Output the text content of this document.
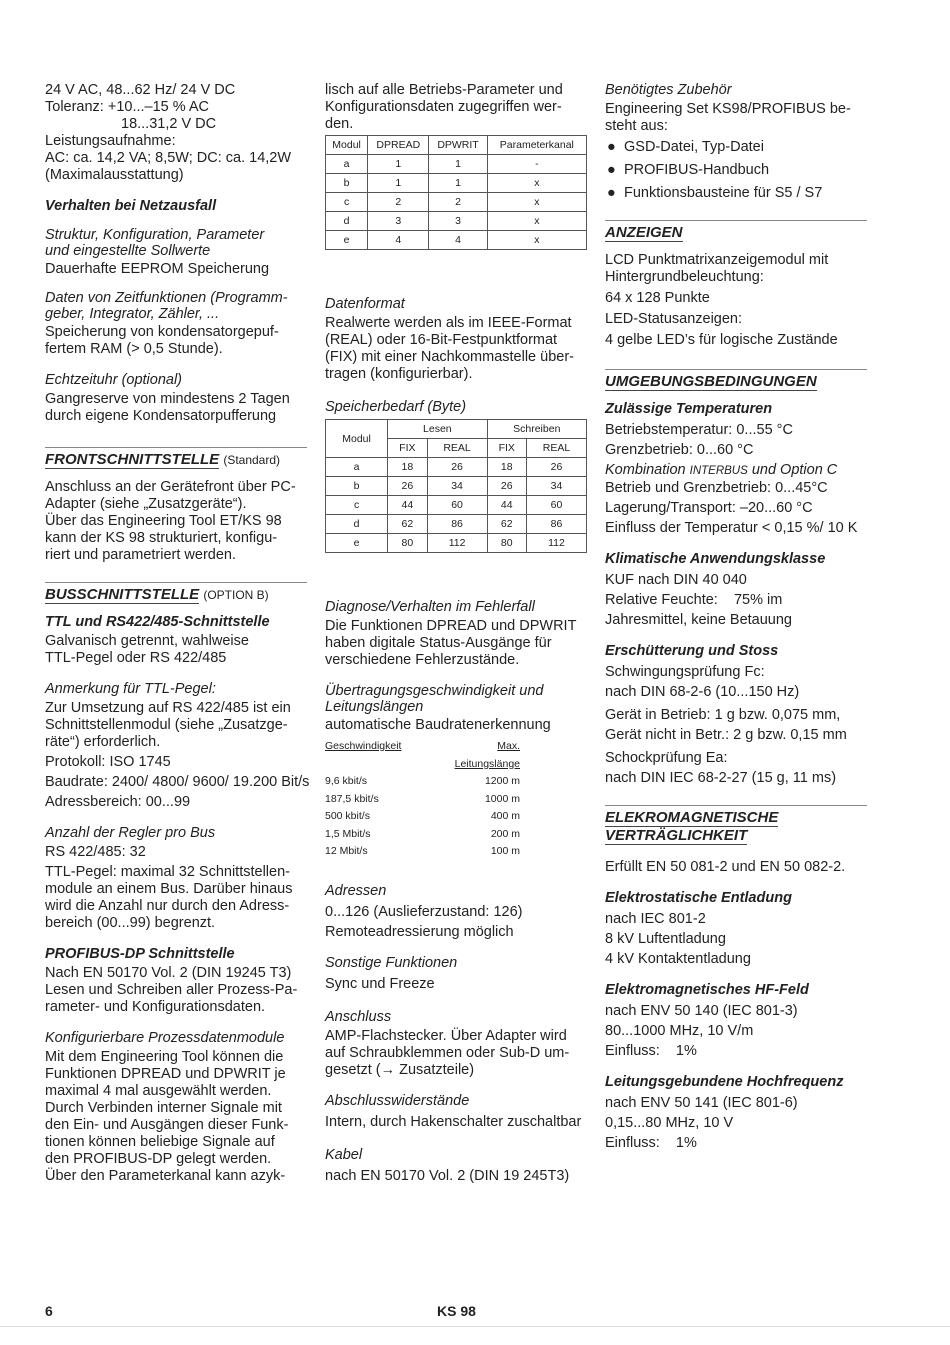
24 V AC, 48...62 Hz/ 24 V DC

Toleranz: +10...–15 % AC

18...31,2 V DC

Leistungsaufnahme:

AC: ca. 14,2 VA; 8,5W; DC: ca. 14,2W

(Maximalausstattung)

Verhalten bei Netzausfall

Struktur, Konfiguration, Parameter
und eingestellte Sollwerte

Dauerhafte EEPROM Speicherung

Daten von Zeitfunktionen (Programm-
geber, Integrator, Zähler, ...

Speicherung von kondensatorgepuf-

fertem RAM (> 0,5 Stunde).

Echtzeituhr (optional)

Gangreserve von mindestens 2 Tagen

durch eigene Kondensatorpufferung

FRONTSCHNITTSTELLE (Standard)

Anschluss an der Gerätefront über PC-

Adapter (siehe „Zusatzgeräte“).

Über das Engineering Tool ET/KS 98

kann der KS 98 strukturiert, konfigu-

riert und parametriert werden.

BUSSCHNITTSTELLE (OPTION B)

TTL und RS422/485-Schnittstelle

Galvanisch getrennt, wahlweise

TTL-Pegel oder RS 422/485

Anmerkung für TTL-Pegel:

Zur Umsetzung auf RS 422/485 ist ein

Schnittstellenmodul (siehe „Zusatzge-

räte“) erforderlich.

Protokoll: ISO 1745

Baudrate: 2400/ 4800/ 9600/ 19.200 Bit/s

Adressbereich: 00...99

Anzahl der Regler pro Bus

RS 422/485: 32

TTL-Pegel: maximal 32 Schnittstellen-

module an einem Bus. Darüber hinaus

wird die Anzahl nur durch den Adress-

bereich (00...99) begrenzt.

PROFIBUS-DP Schnittstelle

Nach EN 50170 Vol. 2 (DIN 19245 T3)

Lesen und Schreiben aller Prozess-Pa-

rameter- und Konfigurationsdaten.

Konfigurierbare Prozessdatenmodule

Mit dem Engineering Tool können die

Funktionen DPREAD und DPWRIT je

maximal 4 mal ausgewählt werden.

Durch Verbinden interner Signale mit

den Ein- und Ausgängen dieser Funk-

tionen können beliebige Signale auf

den PROFIBUS-DP gelegt werden.

Über den Parameterkanal kann azyk-

lisch auf alle Betriebs-Parameter und

Konfigurationsdaten zugegriffen wer-

den.

Modul	DPREAD	DPWRIT	Parameterkanal
a	1	1	-
b	1	1	x
c	2	2	x
d	3	3	x
e	4	4	x

Datenformat

Realwerte werden als im IEEE-Format

(REAL) oder 16-Bit-Festpunktformat

(FIX) mit einer Nachkommastelle über-

tragen (konfigurierbar).

Speicherbedarf (Byte)

Modul	Lesen		Schreiben	
	FIX	REAL	FIX	REAL
a	18	26	18	26
b	26	34	26	34
c	44	60	44	60
d	62	86	62	86
e	80	112	80	112

Diagnose/Verhalten im Fehlerfall

Die Funktionen DPREAD und DPWRIT

haben digitale Status-Ausgänge für

verschiedene Fehlerzustände.

Übertragungsgeschwindigkeit und
Leitungslängen

automatische Baudratenerkennung

Geschwindigkeit	Max. Leitungslänge
9,6 kbit/s	1200 m
187,5 kbit/s	1000 m
500 kbit/s	400 m
1,5 Mbit/s	200 m
12 Mbit/s	100 m

Adressen

0...126 (Auslieferzustand: 126)

Remoteadressierung möglich

Sonstige Funktionen

Sync und Freeze

Anschluss

AMP-Flachstecker. Über Adapter wird

auf Schraubklemmen oder Sub-D um-

gesetzt (→ Zusatzteile)

Abschlusswiderstände

Intern, durch Hakenschalter zuschaltbar

Kabel

nach EN 50170 Vol. 2 (DIN 19 245T3)

Benötigtes Zubehör

Engineering Set KS98/PROFIBUS be-

steht aus:

● GSD-Datei, Typ-Datei
● PROFIBUS-Handbuch
● Funktionsbausteine für S5 / S7
ANZEIGEN

LCD Punktmatrixanzeigemodul mit

Hintergrundbeleuchtung:

64 x 128 Punkte

LED-Statusanzeigen:

4 gelbe LED’s für logische Zustände

UMGEBUNGSBEDINGUNGEN

Zulässige Temperaturen

Betriebstemperatur: 0...55 °C

Grenzbetrieb: 0...60 °C

Kombination INTERBUS und Option C

Betrieb und Grenzbetrieb: 0...45°C

Lagerung/Transport: –20...60 °C

Einfluss der Temperatur < 0,15 %/ 10 K

Klimatische Anwendungsklasse

KUF nach DIN 40 040

Relative Feuchte:    75% im

Jahresmittel, keine Betauung

Erschütterung und Stoss

Schwingungsprüfung Fc:

nach DIN 68-2-6 (10...150 Hz)

Gerät in Betrieb: 1 g bzw. 0,075 mm,

Gerät nicht in Betr.: 2 g bzw. 0,15 mm

Schockprüfung Ea:

nach DIN IEC 68-2-27 (15 g, 11 ms)

ELEKROMAGNETISCHE
VERTRÄGLICHKEIT

Erfüllt EN 50 081-2 und EN 50 082-2.

Elektrostatische Entladung

nach IEC 801-2

8 kV Luftentladung

4 kV Kontaktentladung

Elektromagnetisches HF-Feld

nach ENV 50 140 (IEC 801-3)

80...1000 MHz, 10 V/m

Einfluss:    1%

Leitungsgebundene Hochfrequenz

nach ENV 50 141 (IEC 801-6)

0,15...80 MHz, 10 V

Einfluss:    1%

6	KS 98
